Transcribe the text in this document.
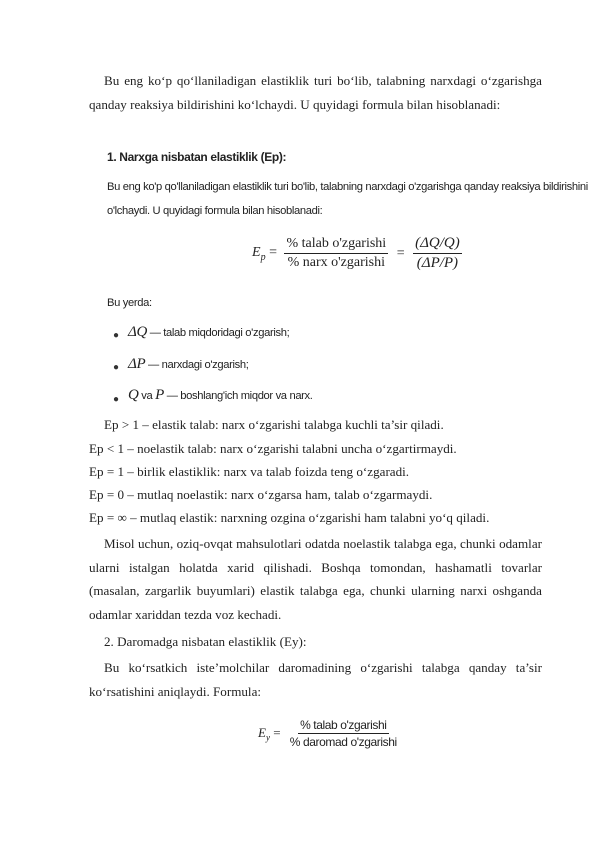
Bu eng ko‘p qo‘llaniladigan elastiklik turi bo‘lib, talabning narxdagi o‘zgarishga qanday reaksiya bildirishini ko‘lchaydi. U quyidagi formula bilan hisoblanadi:
1. Narxga nisbatan elastiklik (Ep):
Bu eng ko'p qo'llaniladigan elastiklik turi bo'lib, talabning narxdagi o'zgarishga qanday reaksiya bildirishini
o'lchaydi. U quyidagi formula bilan hisoblanadi:
$E_p = \frac{\text{\% talab o'zgarishi}}{\text{\% narx o'zgarishi}} = \frac{(\Delta Q/Q)}{(\Delta P/P)}$
Bu yerda:
● ΔQ — talab miqdoridagi o'zgarish;
● ΔP — narxdagi o'zgarish;
● Q va P — boshlang'ich miqdor va narx.
Ep > 1 – elastik talab: narx o‘zgarishi talabga kuchli ta’sir qiladi.
Ep < 1 – noelastik talab: narx o‘zgarishi talabni uncha o‘zgartirmaydi.
Ep = 1 – birlik elastiklik: narx va talab foizda teng o‘zgaradi.
Ep = 0 – mutlaq noelastik: narx o‘zgarsa ham, talab o‘zgarmaydi.
Ep = ∞ – mutlaq elastik: narxning ozgina o‘zgarishi ham talabni yo‘q qiladi.
Misol uchun, oziq-ovqat mahsulotlari odatda noelastik talabga ega, chunki odamlar ularni istalgan holatda xarid qilishadi. Boshqa tomondan, hashamatli tovarlar (masalan, zargarlik buyumlari) elastik talabga ega, chunki ularning narxi oshganda odamlar xariddan tezda voz kechadi.
2. Daromadga nisbatan elastiklik (Ey):
Bu ko‘rsatkich iste’molchilar daromadining o‘zgarishi talabga qanday ta’sir ko‘rsatishini aniqlaydi. Formula:
$E_y = \frac{\text{\% talab o'zgarishi}}{\text{\% daromad o'zgarishi}}$
